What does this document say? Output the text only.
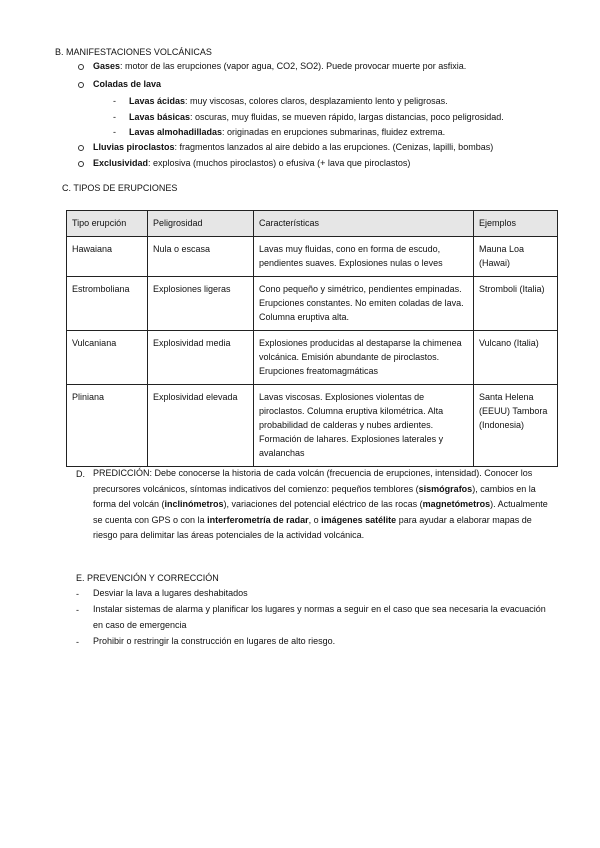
B. MANIFESTACIONES VOLCÁNICAS
Gases: motor de las erupciones (vapor agua, CO2, SO2). Puede provocar muerte por asfixia.
Coladas de lava
- Lavas ácidas: muy viscosas, colores claros, desplazamiento lento y peligrosas.
- Lavas básicas: oscuras, muy fluidas, se mueven rápido, largas distancias, poco peligrosidad.
- Lavas almohadilladas: originadas en erupciones submarinas, fluidez extrema.
Lluvias piroclastos: fragmentos lanzados al aire debido a las erupciones. (Cenizas, lapilli, bombas)
Exclusividad: explosiva (muchos piroclastos) o efusiva (+ lava que piroclastos)
C. TIPOS DE ERUPCIONES
Tipo erupción	Peligrosidad	Características	Ejemplos
Hawaiana	Nula o escasa	Lavas muy fluidas, cono en forma de escudo, pendientes suaves. Explosiones nulas o leves	Mauna Loa (Hawai)
Estromboliana	Explosiones ligeras	Cono pequeño y simétrico, pendientes empinadas. Erupciones constantes. No emiten coladas de lava. Columna eruptiva alta.	Stromboli (Italia)
Vulcaniana	Explosividad media	Explosiones producidas al destaparse la chimenea volcánica. Emisión abundante de piroclastos. Erupciones freatomagmáticas	Vulcano (Italia)
Pliniana	Explosividad elevada	Lavas viscosas. Explosiones violentas de piroclastos. Columna eruptiva kilométrica. Alta probabilidad de calderas y nubes ardientes. Formación de lahares. Explosiones laterales y avalanchas	Santa Helena (EEUU) Tambora (Indonesia)
D. PREDICCIÓN: Debe conocerse la historia de cada volcán (frecuencia de erupciones, intensidad). Conocer los precursores volcánicos, síntomas indicativos del comienzo: pequeños temblores (sismógrafos), cambios en la forma del volcán (inclinómetros), variaciones del potencial eléctrico de las rocas (magnetómetros). Actualmente se cuenta con GPS o con la interferometría de radar, o imágenes satélite para ayudar a elaborar mapas de riesgo para delimitar las áreas potenciales de la actividad volcánica.
E. PREVENCIÓN Y CORRECCIÓN
- Desviar la lava a lugares deshabitados
- Instalar sistemas de alarma y planificar los lugares y normas a seguir en el caso que sea necesaria la evacuación en caso de emergencia
- Prohibir o restringir la construcción en lugares de alto riesgo.
